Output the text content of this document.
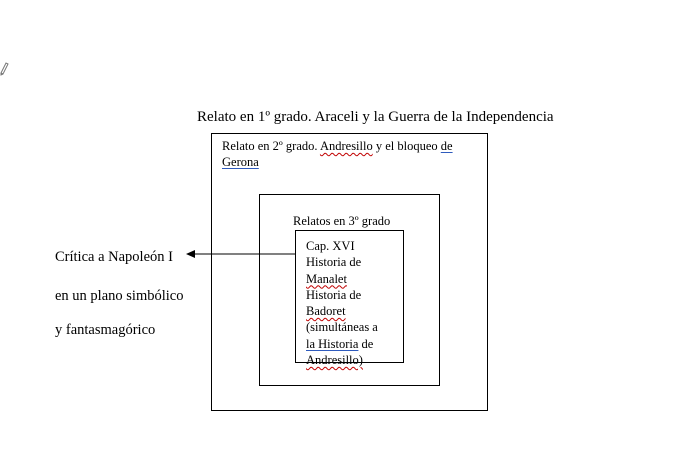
Relato en 1º grado. Araceli y la Guerra de la Independencia
Relato en 2º grado. Andresillo y el bloqueo de
Gerona
Relatos en 3º grado
Cap. XVI
Historia de
Manalet
Historia de
Badoret
(simultáneas a
la Historia de
Andresillo)
Crítica a Napoleón I
en un plano simbólico
y fantasmagórico
